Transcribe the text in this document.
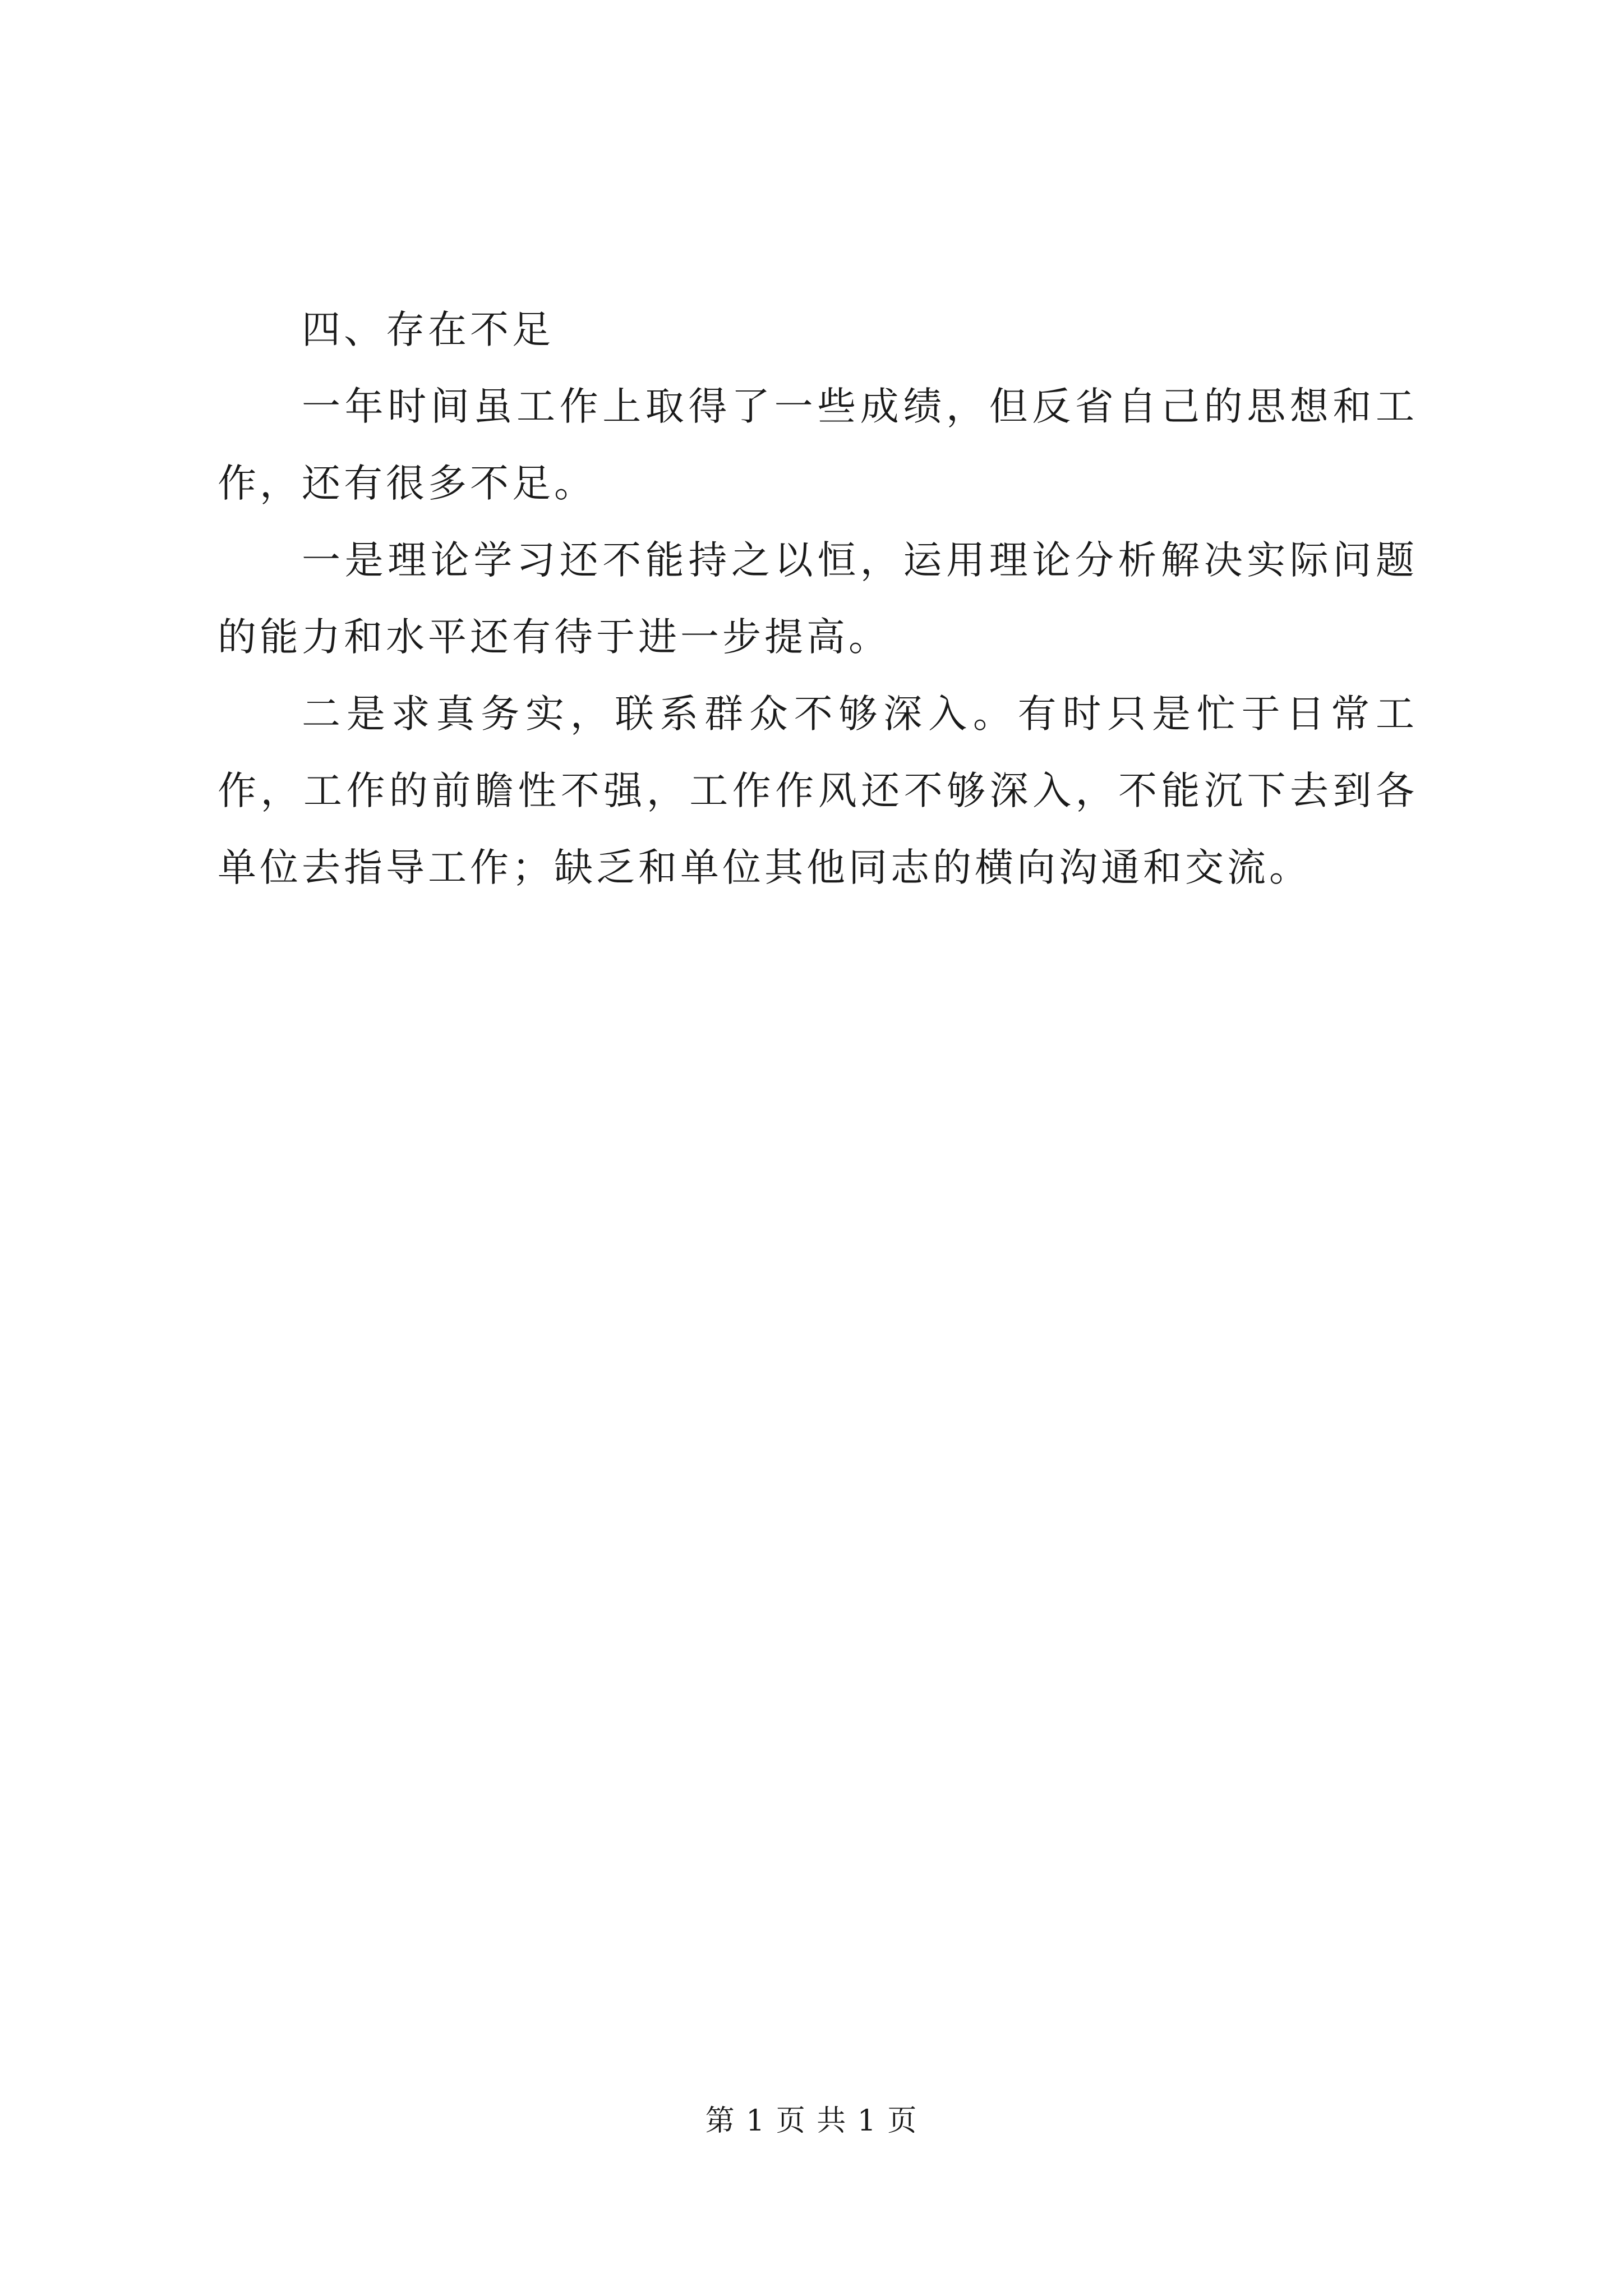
四、存在不足

一年时间虽工作上取得了一些成绩，但反省自己的思想和工作，还有很多不足。

一是理论学习还不能持之以恒，运用理论分析解决实际问题的能力和水平还有待于进一步提高。

二是求真务实，联系群众不够深入。有时只是忙于日常工作，工作的前瞻性不强，工作作风还不够深入，不能沉下去到各单位去指导工作；缺乏和单位其他同志的横向沟通和交流。

第 1 页 共 1 页
